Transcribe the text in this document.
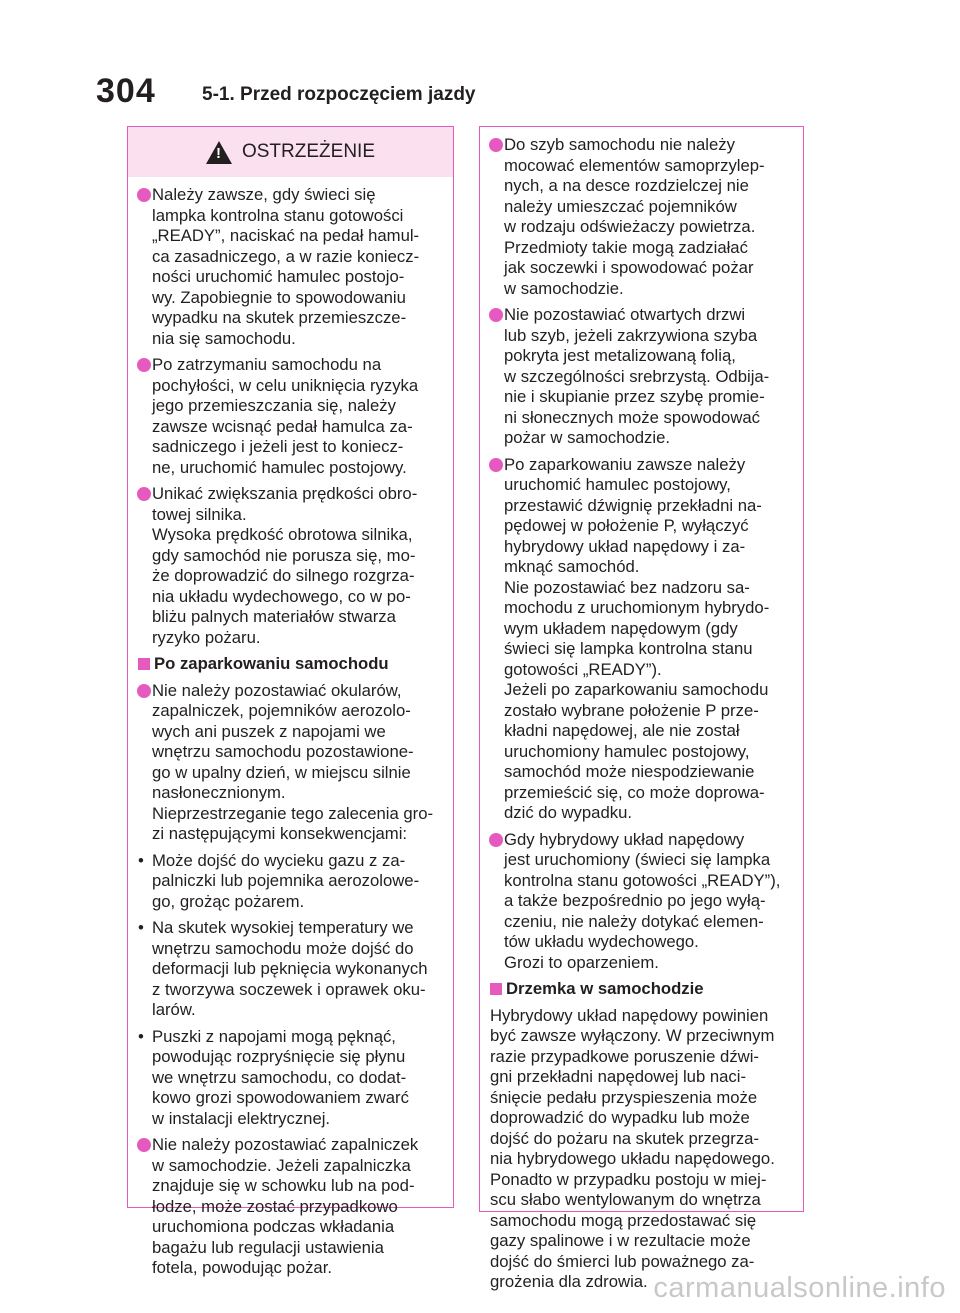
304 5-1. Przed rozpoczęciem jazdy
!
OSTRZEŻENIE
Należy zawsze, gdy świeci się
lampka kontrolna stanu gotowości
„READY”, naciskać na pedał hamul-
ca zasadniczego, a w razie koniecz-
ności uruchomić hamulec postojo-
wy. Zapobiegnie to spowodowaniu
wypadku na skutek przemieszcze-
nia się samochodu.
Po zatrzymaniu samochodu na
pochyłości, w celu uniknięcia ryzyka
jego przemieszczania się, należy
zawsze wcisnąć pedał hamulca za-
sadniczego i jeżeli jest to koniecz-
ne, uruchomić hamulec postojowy.
Unikać zwiększania prędkości obro-
towej silnika.
Wysoka prędkość obrotowa silnika,
gdy samochód nie porusza się, mo-
że doprowadzić do silnego rozgrza-
nia układu wydechowego, co w po-
bliżu palnych materiałów stwarza
ryzyko pożaru.
Po zaparkowaniu samochodu
Nie należy pozostawiać okularów,
zapalniczek, pojemników aerozolo-
wych ani puszek z napojami we
wnętrzu samochodu pozostawione-
go w upalny dzień, w miejscu silnie
nasłonecznionym.
Nieprzestrzeganie tego zalecenia gro-
zi następującymi konsekwencjami:
• Może dojść do wycieku gazu z za-
palniczki lub pojemnika aerozolowe-
go, grożąc pożarem.
• Na skutek wysokiej temperatury we
wnętrzu samochodu może dojść do
deformacji lub pęknięcia wykonanych
z tworzywa soczewek i oprawek oku-
larów.
• Puszki z napojami mogą pęknąć,
powodując rozpryśnięcie się płynu
we wnętrzu samochodu, co dodat-
kowo grozi spowodowaniem zwarć
w instalacji elektrycznej.
Nie należy pozostawiać zapalniczek
w samochodzie. Jeżeli zapalniczka
znajduje się w schowku lub na pod-
łodze, może zostać przypadkowo
uruchomiona podczas wkładania
bagażu lub regulacji ustawienia
fotela, powodując pożar.
Do szyb samochodu nie należy
mocować elementów samoprzylep-
nych, a na desce rozdzielczej nie
należy umieszczać pojemników
w rodzaju odświeżaczy powietrza.
Przedmioty takie mogą zadziałać
jak soczewki i spowodować pożar
w samochodzie.
Nie pozostawiać otwartych drzwi
lub szyb, jeżeli zakrzywiona szyba
pokryta jest metalizowaną folią,
w szczególności srebrzystą. Odbija-
nie i skupianie przez szybę promie-
ni słonecznych może spowodować
pożar w samochodzie.
Po zaparkowaniu zawsze należy
uruchomić hamulec postojowy,
przestawić dźwignię przekładni na-
pędowej w położenie P, wyłączyć
hybrydowy układ napędowy i za-
mknąć samochód.
Nie pozostawiać bez nadzoru sa-
mochodu z uruchomionym hybrydo-
wym układem napędowym (gdy
świeci się lampka kontrolna stanu
gotowości „READY”).
Jeżeli po zaparkowaniu samochodu
zostało wybrane położenie P prze-
kładni napędowej, ale nie został
uruchomiony hamulec postojowy,
samochód może niespodziewanie
przemieścić się, co może doprowa-
dzić do wypadku.
Gdy hybrydowy układ napędowy
jest uruchomiony (świeci się lampka
kontrolna stanu gotowości „READY”),
a także bezpośrednio po jego wyłą-
czeniu, nie należy dotykać elemen-
tów układu wydechowego.
Grozi to oparzeniem.
Drzemka w samochodzie
Hybrydowy układ napędowy powinien
być zawsze wyłączony. W przeciwnym
razie przypadkowe poruszenie dźwi-
gni przekładni napędowej lub naci-
śnięcie pedału przyspieszenia może
doprowadzić do wypadku lub może
dojść do pożaru na skutek przegrza-
nia hybrydowego układu napędowego.
Ponadto w przypadku postoju w miej-
scu słabo wentylowanym do wnętrza
samochodu mogą przedostawać się
gazy spalinowe i w rezultacie może
dojść do śmierci lub poważnego za-
grożenia dla zdrowia. carmanualsonline.info
